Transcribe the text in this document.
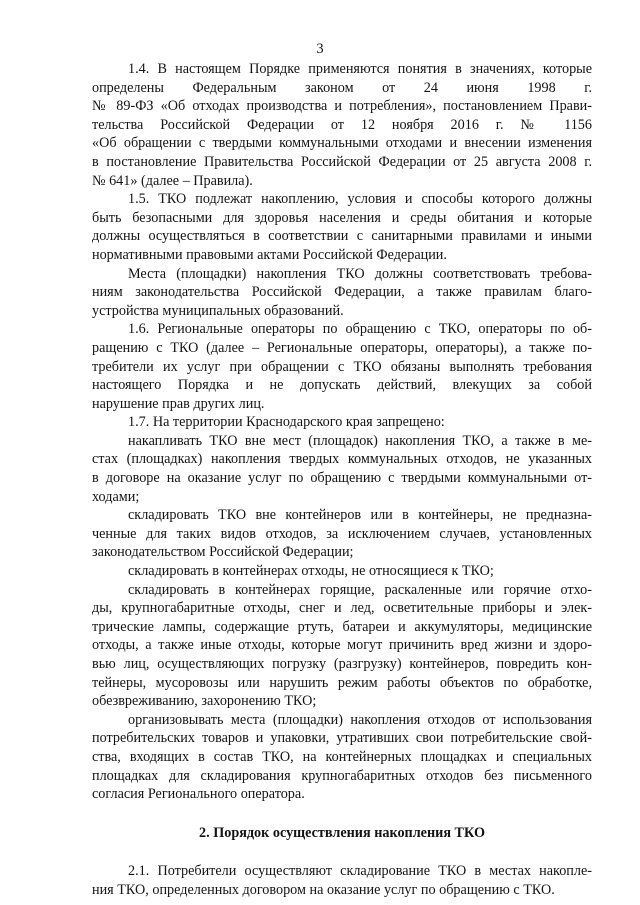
3
1.4. В настоящем Порядке применяются понятия в значениях, которые
определены Федеральным законом от 24 июня 1998 г.
№ 89-ФЗ «Об отходах производства и потребления», постановлением Прави-
тельства Российской Федерации от 12 ноября 2016 г. № 1156
«Об обращении с твердыми коммунальными отходами и внесении изменения
в постановление Правительства Российской Федерации от 25 августа 2008 г.
№ 641» (далее – Правила).
1.5. ТКО подлежат накоплению, условия и способы которого должны
быть безопасными для здоровья населения и среды обитания и которые
должны осуществляться в соответствии с санитарными правилами и иными
нормативными правовыми актами Российской Федерации.
Места (площадки) накопления ТКО должны соответствовать требова-
ниям законодательства Российской Федерации, а также правилам благо-
устройства муниципальных образований.
1.6. Региональные операторы по обращению с ТКО, операторы по об-
ращению с ТКО (далее – Региональные операторы, операторы), а также по-
требители их услуг при обращении с ТКО обязаны выполнять требования
настоящего Порядка и не допускать действий, влекущих за собой
нарушение прав других лиц.
1.7. На территории Краснодарского края запрещено:
накапливать ТКО вне мест (площадок) накопления ТКО, а также в ме-
стах (площадках) накопления твердых коммунальных отходов, не указанных
в договоре на оказание услуг по обращению с твердыми коммунальными от-
ходами;
складировать ТКО вне контейнеров или в контейнеры, не предназна-
ченные для таких видов отходов, за исключением случаев, установленных
законодательством Российской Федерации;
складировать в контейнерах отходы, не относящиеся к ТКО;
складировать в контейнерах горящие, раскаленные или горячие отхо-
ды, крупногабаритные отходы, снег и лед, осветительные приборы и элек-
трические лампы, содержащие ртуть, батареи и аккумуляторы, медицинские
отходы, а также иные отходы, которые могут причинить вред жизни и здоро-
вью лиц, осуществляющих погрузку (разгрузку) контейнеров, повредить кон-
тейнеры, мусоровозы или нарушить режим работы объектов по обработке,
обезвреживанию, захоронению ТКО;
организовывать места (площадки) накопления отходов от использования
потребительских товаров и упаковки, утративших свои потребительские свой-
ства, входящих в состав ТКО, на контейнерных площадках и специальных
площадках для складирования крупногабаритных отходов без письменного
согласия Регионального оператора.
2. Порядок осуществления накопления ТКО
2.1. Потребители осуществляют складирование ТКО в местах накопле-
ния ТКО, определенных договором на оказание услуг по обращению с ТКО.
